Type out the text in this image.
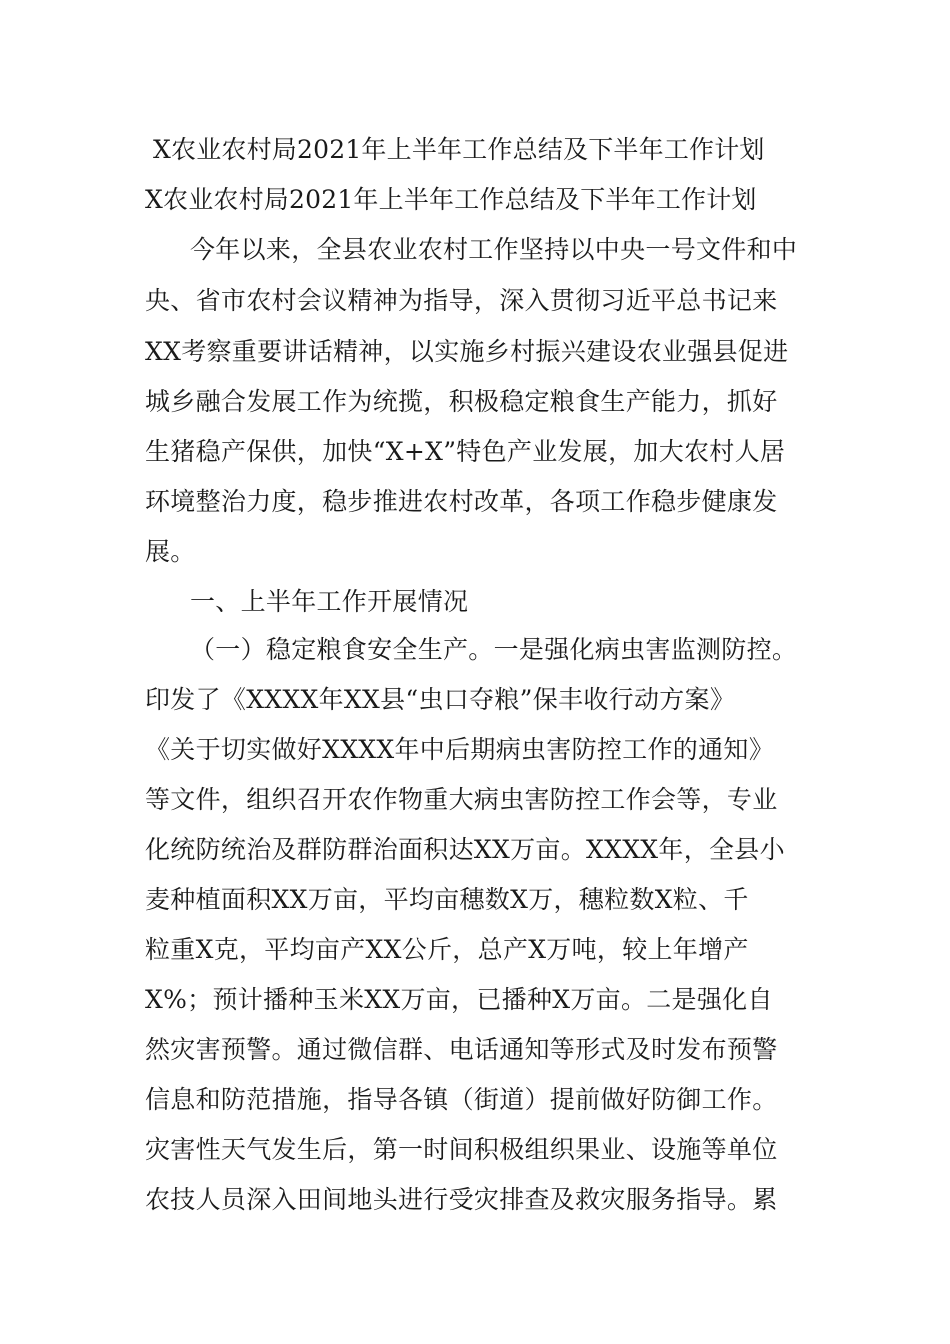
X农业农村局2021年上半年工作总结及下半年工作计划
X农业农村局2021年上半年工作总结及下半年工作计划
今年以来，全县农业农村工作坚持以中央一号文件和中
央、省市农村会议精神为指导，深入贯彻习近平总书记来
XX考察重要讲话精神，以实施乡村振兴建设农业强县促进
城乡融合发展工作为统揽，积极稳定粮食生产能力，抓好
生猪稳产保供，加快“X+X”特色产业发展，加大农村人居
环境整治力度，稳步推进农村改革，各项工作稳步健康发
展。
一、上半年工作开展情况
（一）稳定粮食安全生产。一是强化病虫害监测防控。
印发了《XXXX年XX县“虫口夺粮”保丰收行动方案》
《关于切实做好XXXX年中后期病虫害防控工作的通知》
等文件，组织召开农作物重大病虫害防控工作会等，专业
化统防统治及群防群治面积达XX万亩。XXXX年，全县小
麦种植面积XX万亩，平均亩穗数X万，穗粒数X粒、千
粒重X克，平均亩产XX公斤，总产X万吨，较上年增产
X%；预计播种玉米XX万亩，已播种X万亩。二是强化自
然灾害预警。通过微信群、电话通知等形式及时发布预警
信息和防范措施，指导各镇（街道）提前做好防御工作。
灾害性天气发生后，第一时间积极组织果业、设施等单位
农技人员深入田间地头进行受灾排查及救灾服务指导。累
